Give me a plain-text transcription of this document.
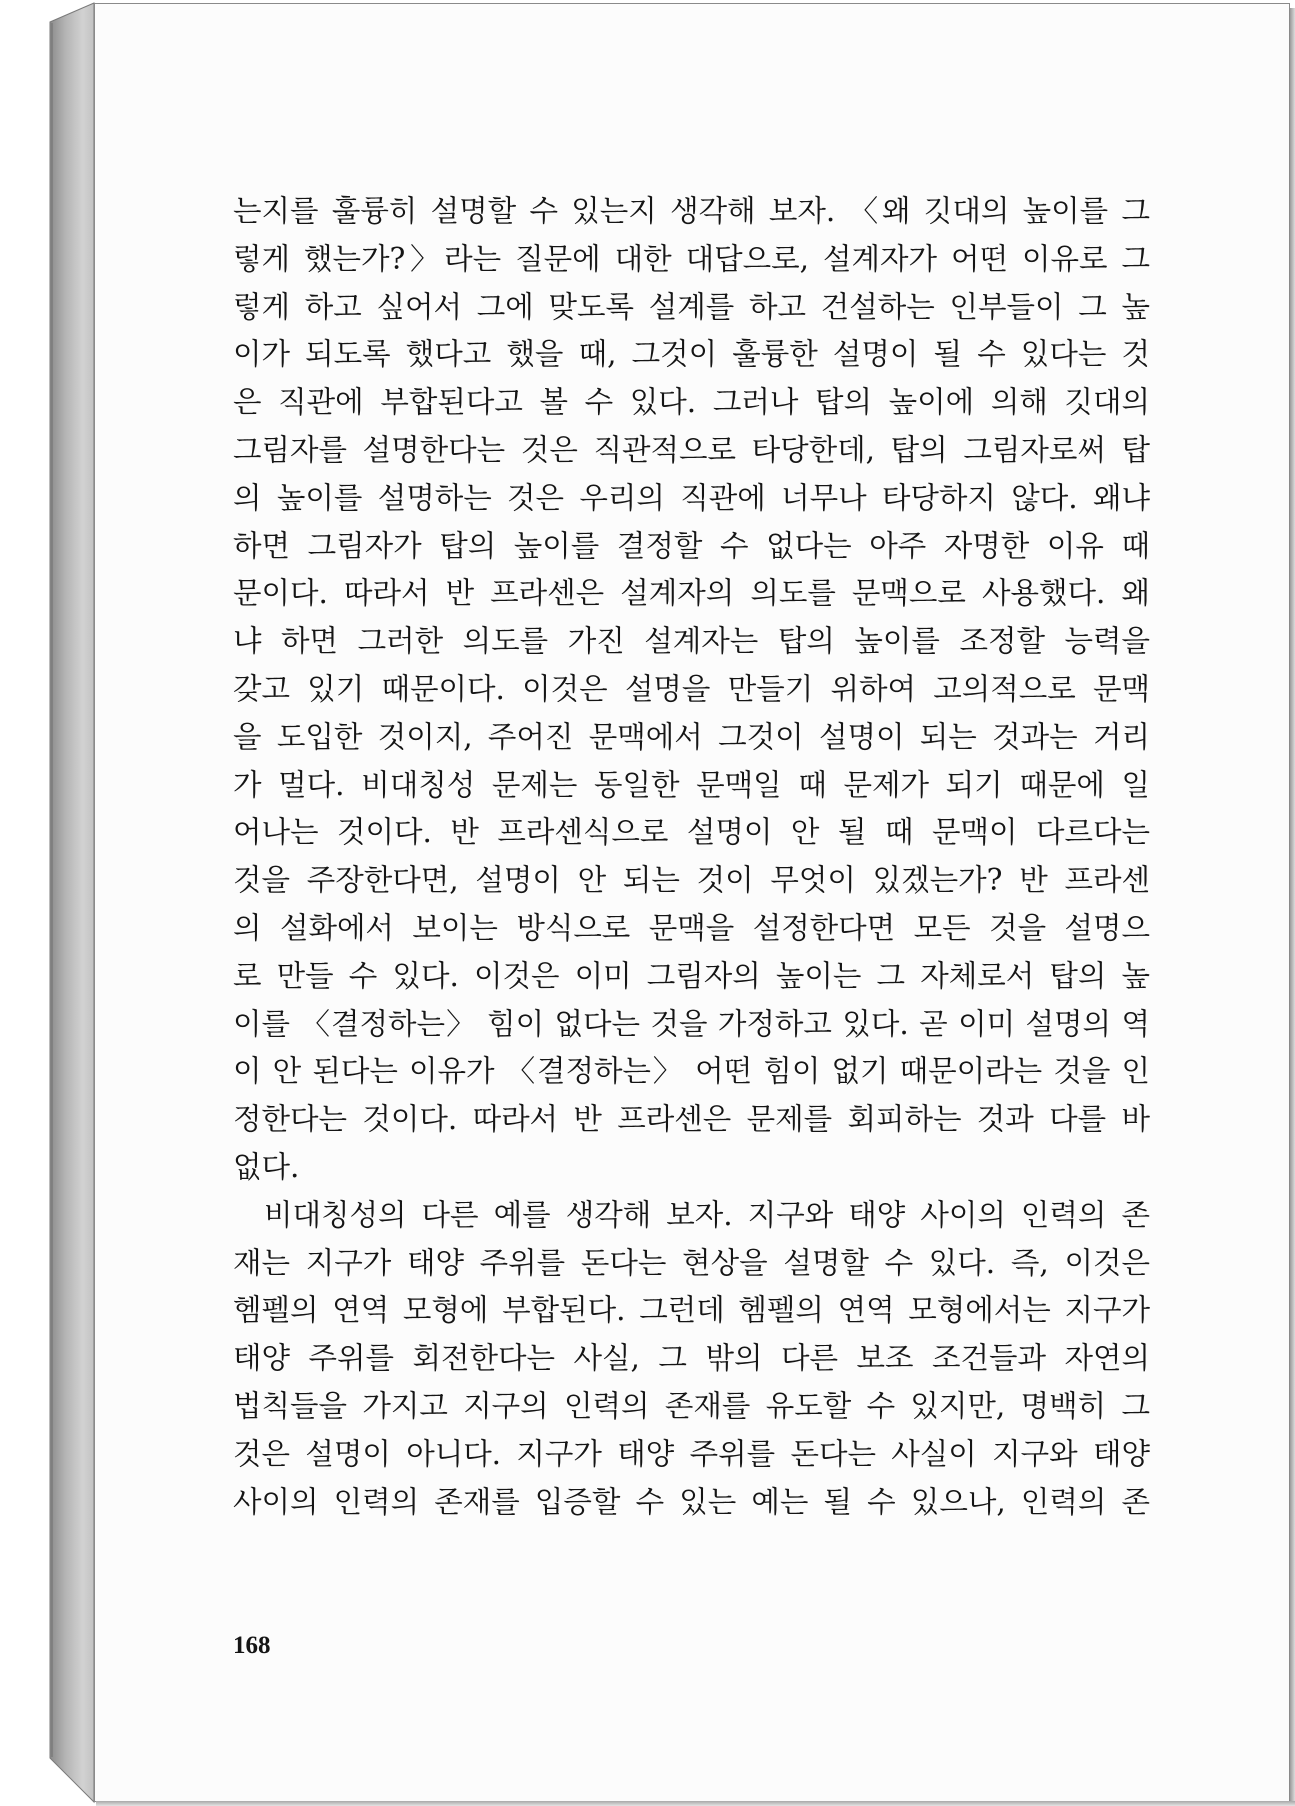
는지를 훌륭히 설명할 수 있는지 생각해 보자. 〈왜 깃대의 높이를 그
렇게 했는가?〉라는 질문에 대한 대답으로, 설계자가 어떤 이유로 그
렇게 하고 싶어서 그에 맞도록 설계를 하고 건설하는 인부들이 그 높
이가 되도록 했다고 했을 때, 그것이 훌륭한 설명이 될 수 있다는 것
은 직관에 부합된다고 볼 수 있다. 그러나 탑의 높이에 의해 깃대의
그림자를 설명한다는 것은 직관적으로 타당한데, 탑의 그림자로써 탑
의 높이를 설명하는 것은 우리의 직관에 너무나 타당하지 않다. 왜냐
하면 그림자가 탑의 높이를 결정할 수 없다는 아주 자명한 이유 때
문이다. 따라서 반 프라센은 설계자의 의도를 문맥으로 사용했다. 왜
냐 하면 그러한 의도를 가진 설계자는 탑의 높이를 조정할 능력을
갖고 있기 때문이다. 이것은 설명을 만들기 위하여 고의적으로 문맥
을 도입한 것이지, 주어진 문맥에서 그것이 설명이 되는 것과는 거리
가 멀다. 비대칭성 문제는 동일한 문맥일 때 문제가 되기 때문에 일
어나는 것이다. 반 프라센식으로 설명이 안 될 때 문맥이 다르다는
것을 주장한다면, 설명이 안 되는 것이 무엇이 있겠는가? 반 프라센
의 설화에서 보이는 방식으로 문맥을 설정한다면 모든 것을 설명으
로 만들 수 있다. 이것은 이미 그림자의 높이는 그 자체로서 탑의 높
이를 〈결정하는〉 힘이 없다는 것을 가정하고 있다. 곧 이미 설명의 역
이 안 된다는 이유가 〈결정하는〉 어떤 힘이 없기 때문이라는 것을 인
정한다는 것이다. 따라서 반 프라센은 문제를 회피하는 것과 다를 바
없다.
비대칭성의 다른 예를 생각해 보자. 지구와 태양 사이의 인력의 존
재는 지구가 태양 주위를 돈다는 현상을 설명할 수 있다. 즉, 이것은
헴펠의 연역 모형에 부합된다. 그런데 헴펠의 연역 모형에서는 지구가
태양 주위를 회전한다는 사실, 그 밖의 다른 보조 조건들과 자연의
법칙들을 가지고 지구의 인력의 존재를 유도할 수 있지만, 명백히 그
것은 설명이 아니다. 지구가 태양 주위를 돈다는 사실이 지구와 태양
사이의 인력의 존재를 입증할 수 있는 예는 될 수 있으나, 인력의 존
168
